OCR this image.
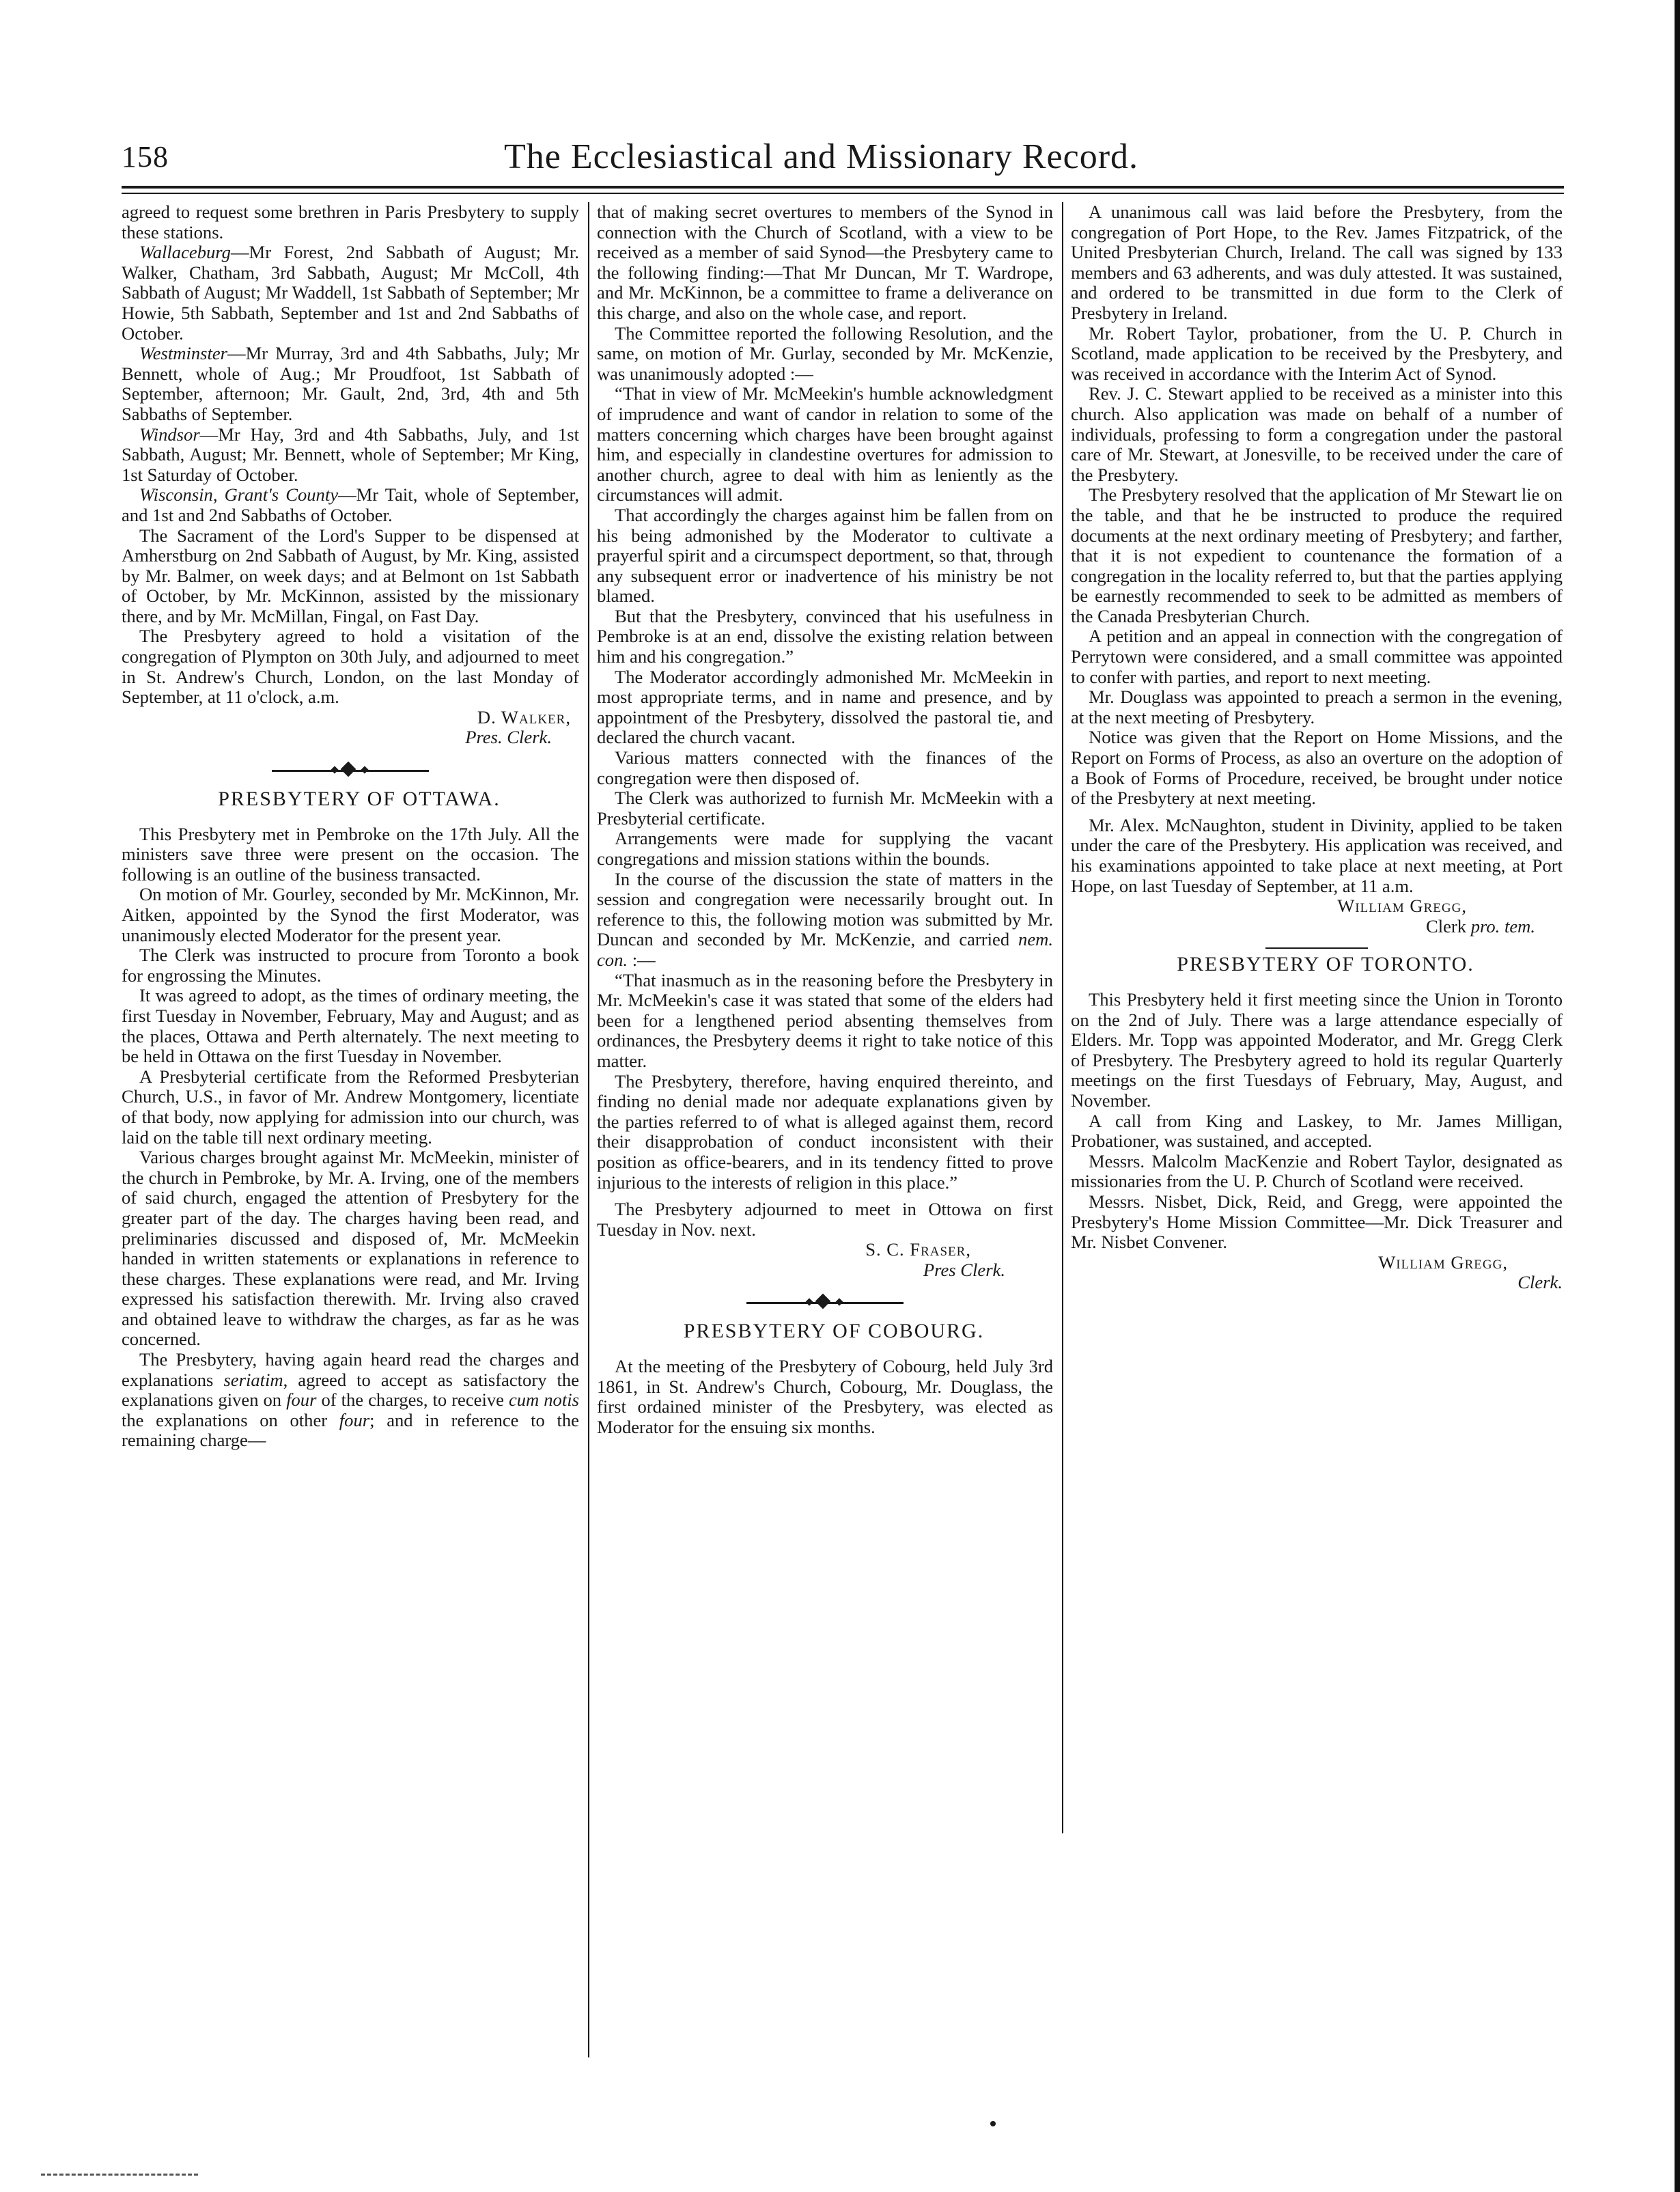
158	The Ecclesiastical and Missionary Record.

agreed to request some brethren in Paris Presbytery to supply these stations.

Wallaceburg—Mr Forest, 2nd Sabbath of August; Mr. Walker, Chatham, 3rd Sabbath, August; Mr McColl, 4th Sabbath of August; Mr Waddell, 1st Sabbath of September; Mr Howie, 5th Sabbath, September and 1st and 2nd Sabbaths of October.

Westminster—Mr Murray, 3rd and 4th Sabbaths, July; Mr Bennett, whole of Aug.; Mr Proudfoot, 1st Sabbath of September, afternoon; Mr. Gault, 2nd, 3rd, 4th and 5th Sabbaths of September.

Windsor—Mr Hay, 3rd and 4th Sabbaths, July, and 1st Sabbath, August; Mr. Bennett, whole of September; Mr King, 1st Saturday of October.

Wisconsin, Grant's County—Mr Tait, whole of September, and 1st and 2nd Sabbaths of October.

The Sacrament of the Lord's Supper to be dispensed at Amherstburg on 2nd Sabbath of August, by Mr. King, assisted by Mr. Balmer, on week days; and at Belmont on 1st Sabbath of October, by Mr. McKinnon, assisted by the missionary there, and by Mr. McMillan, Fingal, on Fast Day.

The Presbytery agreed to hold a visitation of the congregation of Plympton on 30th July, and adjourned to meet in St. Andrew's Church, London, on the last Monday of September, at 11 o'clock, a.m.

D. Walker,

Pres. Clerk.

PRESBYTERY OF OTTAWA.

This Presbytery met in Pembroke on the 17th July. All the ministers save three were present on the occasion. The following is an outline of the business transacted.

On motion of Mr. Gourley, seconded by Mr. McKinnon, Mr. Aitken, appointed by the Synod the first Moderator, was unanimously elected Moderator for the present year.

The Clerk was instructed to procure from Toronto a book for engrossing the Minutes.

It was agreed to adopt, as the times of ordinary meeting, the first Tuesday in November, February, May and August; and as the places, Ottawa and Perth alternately. The next meeting to be held in Ottawa on the first Tuesday in November.

A Presbyterial certificate from the Reformed Presbyterian Church, U.S., in favor of Mr. Andrew Montgomery, licentiate of that body, now applying for admission into our church, was laid on the table till next ordinary meeting.

Various charges brought against Mr. McMeekin, minister of the church in Pembroke, by Mr. A. Irving, one of the members of said church, engaged the attention of Presbytery for the greater part of the day. The charges having been read, and preliminaries discussed and disposed of, Mr. McMeekin handed in written statements or explanations in reference to these charges. These explanations were read, and Mr. Irving expressed his satisfaction therewith. Mr. Irving also craved and obtained leave to withdraw the charges, as far as he was concerned.

The Presbytery, having again heard read the charges and explanations seriatim, agreed to accept as satisfactory the explanations given on four of the charges, to receive cum notis the explanations on other four; and in reference to the remaining charge—

that of making secret overtures to members of the Synod in connection with the Church of Scotland, with a view to be received as a member of said Synod—the Presbytery came to the following finding:—That Mr Duncan, Mr T. Wardrope, and Mr. McKinnon, be a committee to frame a deliverance on this charge, and also on the whole case, and report.

The Committee reported the following Resolution, and the same, on motion of Mr. Gurlay, seconded by Mr. McKenzie, was unanimously adopted :—

“That in view of Mr. McMeekin's humble acknowledgment of imprudence and want of candor in relation to some of the matters concerning which charges have been brought against him, and especially in clandestine overtures for admission to another church, agree to deal with him as leniently as the circumstances will admit.

That accordingly the charges against him be fallen from on his being admonished by the Moderator to cultivate a prayerful spirit and a circumspect deportment, so that, through any subsequent error or inadvertence of his ministry be not blamed.

But that the Presbytery, convinced that his usefulness in Pembroke is at an end, dissolve the existing relation between him and his congregation.”

The Moderator accordingly admonished Mr. McMeekin in most appropriate terms, and in name and presence, and by appointment of the Presbytery, dissolved the pastoral tie, and declared the church vacant.

Various matters connected with the finances of the congregation were then disposed of.

The Clerk was authorized to furnish Mr. McMeekin with a Presbyterial certificate.

Arrangements were made for supplying the vacant congregations and mission stations within the bounds.

In the course of the discussion the state of matters in the session and congregation were necessarily brought out. In reference to this, the following motion was submitted by Mr. Duncan and seconded by Mr. McKenzie, and carried nem. con. :—

“That inasmuch as in the reasoning before the Presbytery in Mr. McMeekin's case it was stated that some of the elders had been for a lengthened period absenting themselves from ordinances, the Presbytery deems it right to take notice of this matter.

The Presbytery, therefore, having enquired thereinto, and finding no denial made nor adequate explanations given by the parties referred to of what is alleged against them, record their disapprobation of conduct inconsistent with their position as office-bearers, and in its tendency fitted to prove injurious to the interests of religion in this place.”

The Presbytery adjourned to meet in Ottowa on first Tuesday in Nov. next.

S. C. Fraser,

Pres Clerk.

PRESBYTERY OF COBOURG.

At the meeting of the Presbytery of Cobourg, held July 3rd 1861, in St. Andrew's Church, Cobourg, Mr. Douglass, the first ordained minister of the Presbytery, was elected as Moderator for the ensuing six months.

A unanimous call was laid before the Presbytery, from the congregation of Port Hope, to the Rev. James Fitzpatrick, of the United Presbyterian Church, Ireland. The call was signed by 133 members and 63 adherents, and was duly attested. It was sustained, and ordered to be transmitted in due form to the Clerk of Presbytery in Ireland.

Mr. Robert Taylor, probationer, from the U. P. Church in Scotland, made application to be received by the Presbytery, and was received in accordance with the Interim Act of Synod.

Rev. J. C. Stewart applied to be received as a minister into this church. Also application was made on behalf of a number of individuals, professing to form a congregation under the pastoral care of Mr. Stewart, at Jonesville, to be received under the care of the Presbytery.

The Presbytery resolved that the application of Mr Stewart lie on the table, and that he be instructed to produce the required documents at the next ordinary meeting of Presbytery; and farther, that it is not expedient to countenance the formation of a congregation in the locality referred to, but that the parties applying be earnestly recommended to seek to be admitted as members of the Canada Presbyterian Church.

A petition and an appeal in connection with the congregation of Perrytown were considered, and a small committee was appointed to confer with parties, and report to next meeting.

Mr. Douglass was appointed to preach a sermon in the evening, at the next meeting of Presbytery.

Notice was given that the Report on Home Missions, and the Report on Forms of Process, as also an overture on the adoption of a Book of Forms of Procedure, received, be brought under notice of the Presbytery at next meeting.

Mr. Alex. McNaughton, student in Divinity, applied to be taken under the care of the Presbytery. His application was received, and his examinations appointed to take place at next meeting, at Port Hope, on last Tuesday of September, at 11 a.m.

William Gregg,

Clerk pro. tem.

PRESBYTERY OF TORONTO.

This Presbytery held it first meeting since the Union in Toronto on the 2nd of July. There was a large attendance especially of Elders. Mr. Topp was appointed Moderator, and Mr. Gregg Clerk of Presbytery. The Presbytery agreed to hold its regular Quarterly meetings on the first Tuesdays of February, May, August, and November.

A call from King and Laskey, to Mr. James Milligan, Probationer, was sustained, and accepted.

Messrs. Malcolm MacKenzie and Robert Taylor, designated as missionaries from the U. P. Church of Scotland were received.

Messrs. Nisbet, Dick, Reid, and Gregg, were appointed the Presbytery's Home Mission Committee—Mr. Dick Treasurer and Mr. Nisbet Convener.

William Gregg,

Clerk.
